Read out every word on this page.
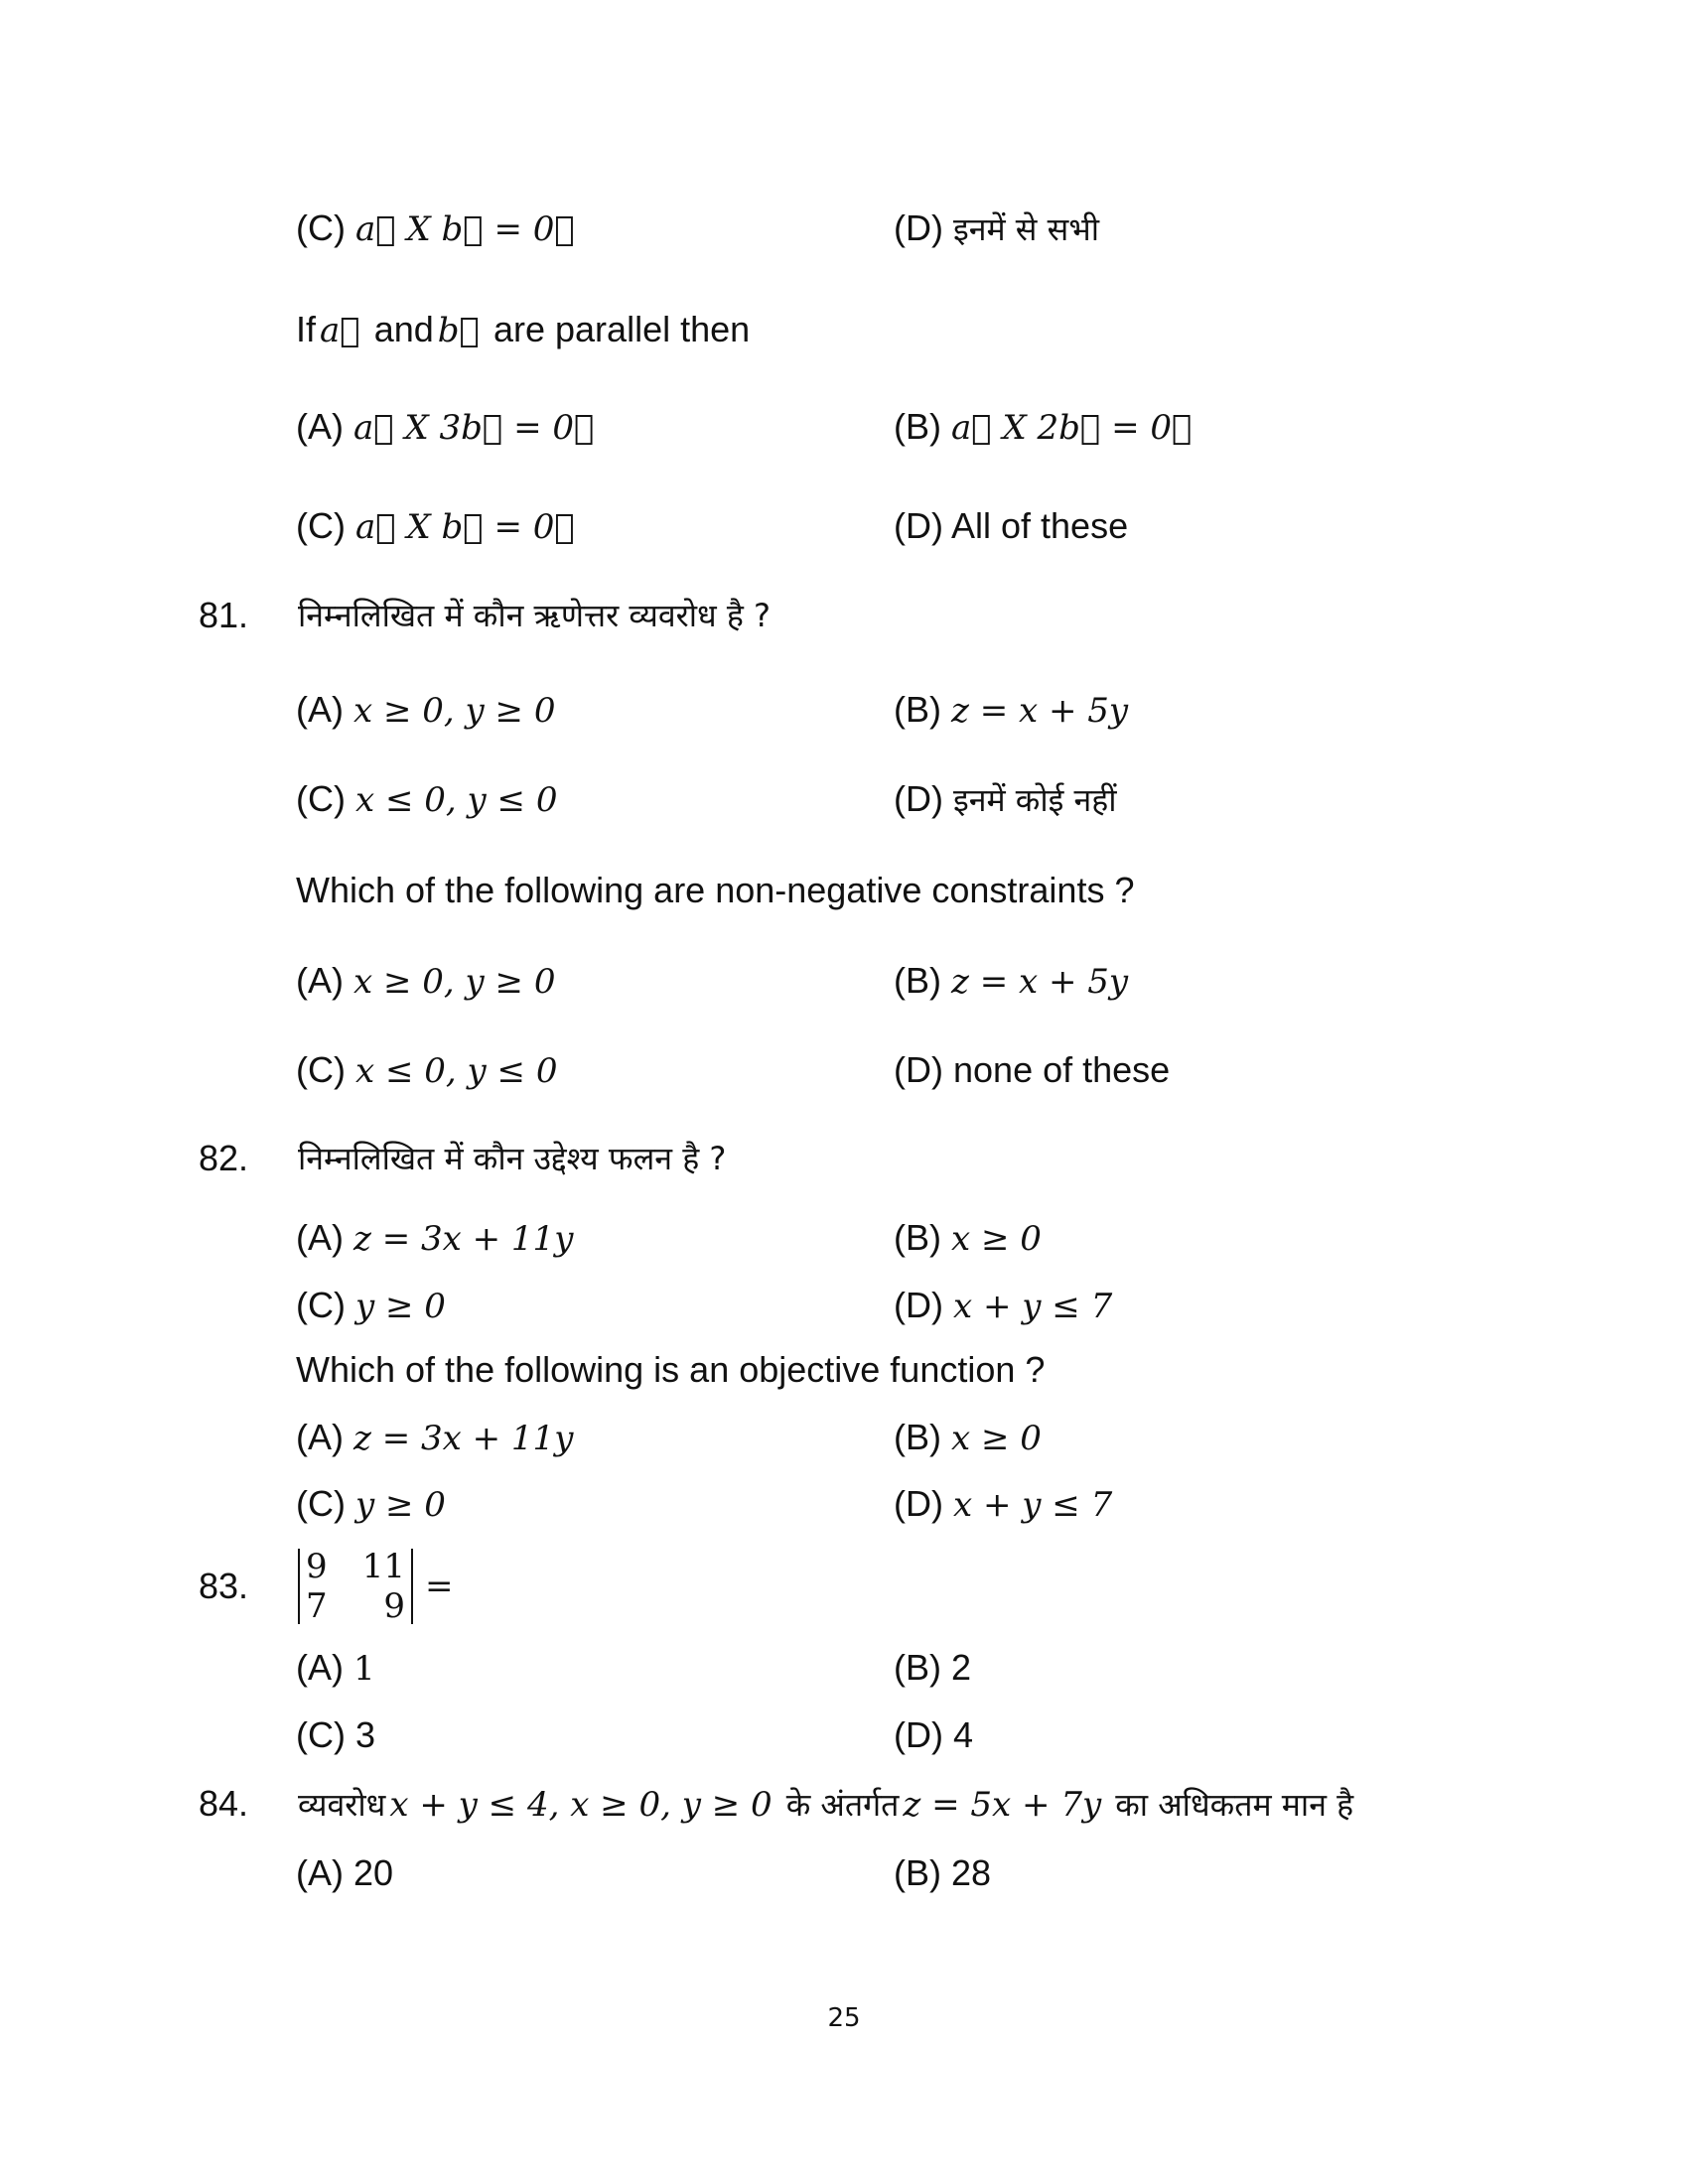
(C) a⃗ X b⃗ = 0⃗	(D) इनमें से सभी
If a⃗ and b⃗ are parallel then
(A) a⃗ X 3b⃗ = 0⃗	(B) a⃗ X 2b⃗ = 0⃗
(C) a⃗ X b⃗ = 0⃗	(D) All of these
81. निम्नलिखित में कौन ऋणेत्तर व्यवरोध है ?
(A) x ≥ 0, y ≥ 0	(B) z = x + 5y
(C) x ≤ 0, y ≤ 0	(D) इनमें कोई नहीं
Which of the following are non-negative constraints ?
(A) x ≥ 0, y ≥ 0	(B) z = x + 5y
(C) x ≤ 0, y ≤ 0	(D) none of these
82. निम्नलिखित में कौन उद्देश्य फलन है ?
(A) z = 3x + 11y	(B) x ≥ 0
(C) y ≥ 0	(D) x + y ≤ 7
Which of the following is an objective function ?
(A) z = 3x + 11y	(B) x ≥ 0
(C) y ≥ 0	(D) x + y ≤ 7
83. 9	11
7	9 =
(A) 1	(B) 2
(C) 3	(D) 4
84. व्यवरोध x + y ≤ 4, x ≥ 0, y ≥ 0 के अंतर्गत z = 5x + 7y का अधिकतम मान है
(A) 20	(B) 28
25
